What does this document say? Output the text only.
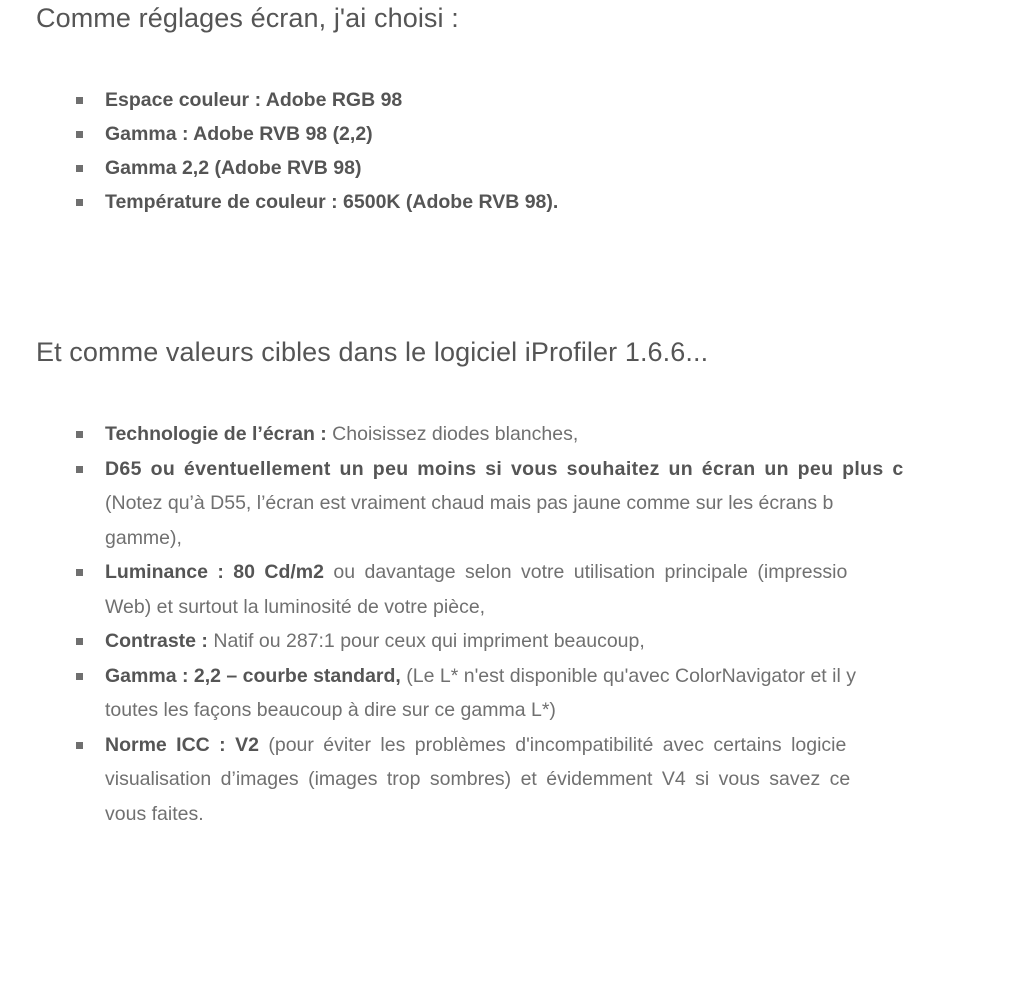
Comme réglages écran, j'ai choisi :
Espace couleur : Adobe RGB 98
Gamma : Adobe RVB 98 (2,2)
Gamma 2,2 (Adobe RVB 98)
Température de couleur : 6500K (Adobe RVB 98).
Et comme valeurs cibles dans le logiciel iProfiler 1.6.6...
Technologie de l’écran : Choisissez diodes blanches,
D65 ou éventuellement un peu moins si vous souhaitez un écran un peu plus c
(Notez qu’à D55, l’écran est vraiment chaud mais pas jaune comme sur les écrans b
gamme),
Luminance : 80 Cd/m2 ou davantage selon votre utilisation principale (impressio
Web) et surtout la luminosité de votre pièce,
Contraste : Natif ou 287:1 pour ceux qui impriment beaucoup,
Gamma : 2,2 – courbe standard, (Le L* n'est disponible qu'avec ColorNavigator et il y
toutes les façons beaucoup à dire sur ce gamma L*)
Norme ICC : V2 (pour éviter les problèmes d'incompatibilité avec certains logicie
visualisation d’images (images trop sombres) et évidemment V4 si vous savez ce
vous faites.
